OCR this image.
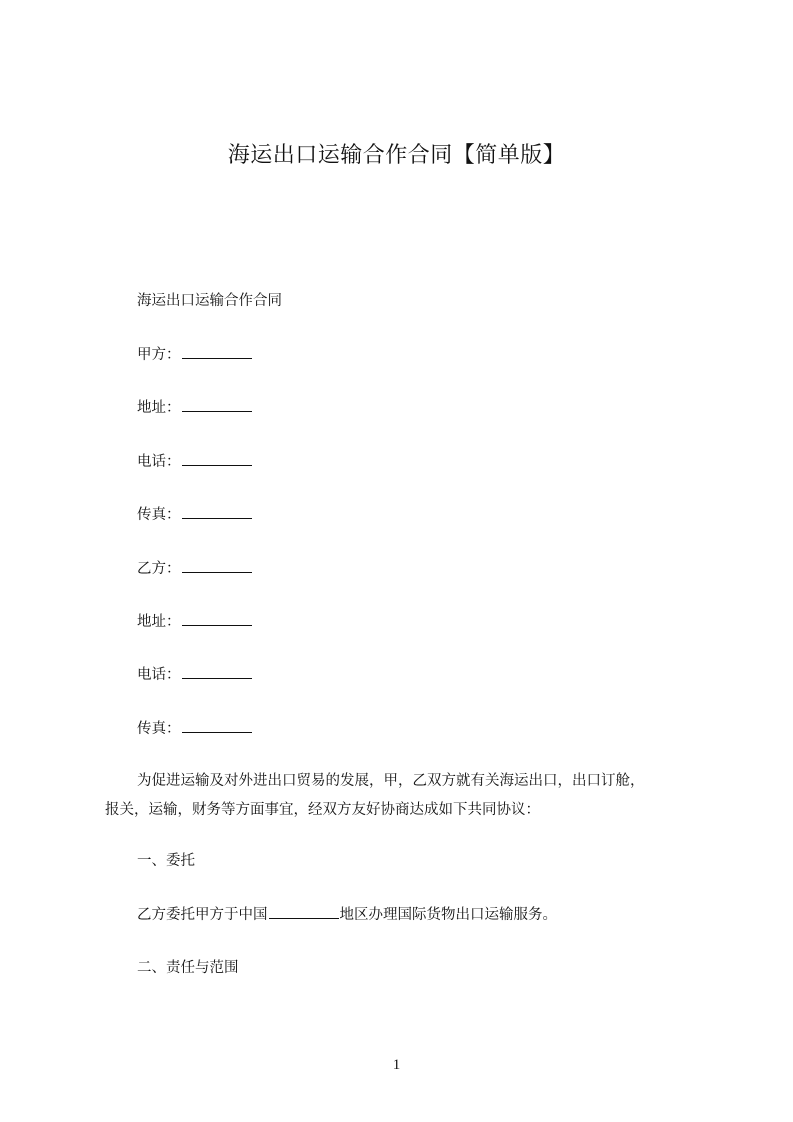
海运出口运输合作合同【简单版】
海运出口运输合作合同
甲方：
地址：
电话：
传真：
乙方：
地址：
电话：
传真：
为促进运输及对外进出口贸易的发展，甲，乙双方就有关海运出口，出口订舱，
报关，运输，财务等方面事宜，经双方友好协商达成如下共同协议：
一、委托
乙方委托甲方于中国	地区办理国际货物出口运输服务。
二、责任与范围
1
